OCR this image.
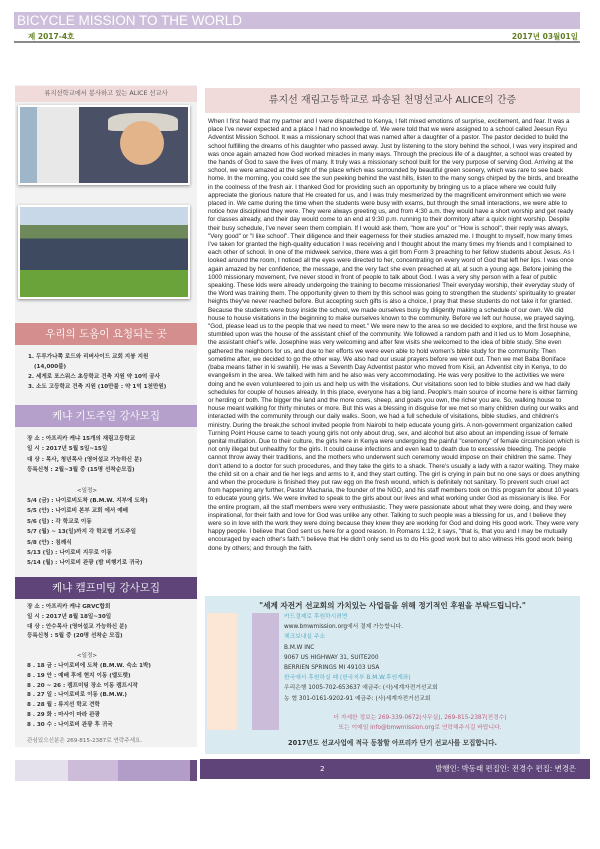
BICYCLE MISSION TO THE WORLD
제 2017-4호	2017년 03월01일
류지선학교에서 봉사하고 있는 ALICE 선교사
우리의 도움이 요청되는 곳
1. 두루가나쪽 로드와 리버사이드 교회 지붕 지원
(14,000불)
2. 세게로 포스워스 초등학교 건축 지원 약 10억 공사
3. 소도 고등학교 건축 지원 (10만불 : 약 1억 1천만원)
케냐 기도주일 강사모집
장 소 : 아프리카 케냐 15개의 재림고등학교
일 시 : 2017년 5월 5일~15일
대 상 : 목사, 청년목사 (영어설교 가능하신 분)
등록신청 : 2월~3월 중 (15명 선착순모집)
<일정>
5/4 (금) : 나이로비도착 (B.M.W. 지부에 도착)
5/5 (안) : 나이로비 본부 교회 에서 예배
5/6 (일) : 각 학교로 이동
5/7 (월) ~ 13(일)까지 각 학교별 기도주일
5/8 (안) : 침례식
5/13 (일) : 나이로비 지무로 이동
5/14 (월) : 나이로비 관광 (밤 비행기로 귀국)
케냐 캠프미팅 강사모집
장 소 : 아프리카 케냐 GRVC합회
일 시 : 2017년 8월 18일~30일
대 상 : 안수목사 (영어설교 가능하신 분)
등록신청 : 5월 중 (20명 선착순 모집)
<일정>
8 . 18 금 : 나이로비에 도착 (B.M.W. 숙소 1박)
8 . 19 안 : 예배 후에 현지 이동 (엘도렛)
8 . 20 ~ 26 : 캠프미팅 장소 이동 캠프시작
8 . 27 일 : 나이로비로 이동 (B.M.W.)
8 . 28 월 : 류지선 학교 견학
8 . 29 화 : 마사이 마라 관광
8 . 30 수 : 나이로비 관광 후 귀국
관심있으신분은 269-815-2387로 연락주세요.
류지선 재림고등학교로 파송된 천명선교사 ALICE의 간증
When I first heard that my partner and I were dispatched to Kenya, I felt mixed emotions of surprise, excitement, and fear. It was a place I've never expected and a place I had no knowledge of. We were told that we were assigned to a school called Jeesun Ryu Adventist Mission School. It was a missionary school that was named after a daughter of a pastor. The pastor decided to build the school fulfilling the dreams of his daughter who passed away. Just by listening to the story behind the school, I was very inspired and was once again amazed how God worked miracles in many ways. Through the precious life of a daughter, a school was created by the hands of God to save the lives of many. It truly was a missionary school built for the very purpose of serving God. Arriving at the school, we were amazed at the sight of the place which was surrounded by beautiful green scenery, which was rare to see back home. In the morning, you could see the sun peeking behind the vast hills, listen to the many songs chirped by the birds, and breathe in the coolness of the fresh air. I thanked God for providing such an opportunity by bringing us to a place where we could fully appreciate the glorious nature that He created for us, and I was truly mesmerized by the magnificent environment which we were placed in. We came during the time when the students were busy with exams, but through the small interactions, we were able to notice how disciplined they were. They were always greeting us, and from 4:30 a.m. they would have a short worship and get ready for classes already, and their day would come to an end at 9:30 p.m. running to their dormitory after a quick night worship. Despite their busy schedule, I've never seen them complain. If I would ask them, "how are you" or "How is school", their reply was always, "Very good" or "I like school". Their diligence and their eagerness for their studies amazed me. I thought to myself, how many times I've taken for granted the high-quality education I was receiving and I thought about the many times my friends and I complained to each other of school. In one of the midweek service, there was a girl from Form 3 preaching to her fellow students about Jesus. As I looked around the room, I noticed all the eyes were directed to her, concentrating on every word of God that left her lips. I was once again amazed by her confidence, the message, and the very fact she even preached at all, at such a young age. Before joining the 1000 missionary movement, I've never stood in front of people to talk about God. I was a very shy person with a fear of public speaking. These kids were already undergoing the training to become missionaries! Their everyday worship, their everyday study of the Word was training them. The opportunity given to them by this school was going to strengthen the students' spirituality to greater heights they've never reached before. But accepting such gifts is also a choice, I pray that these students do not take it for granted. Because the students were busy inside the school, we made ourselves busy by diligently making a schedule of our own. We did house to house visitations in the beginning to make ourselves known to the community. Before we left our house, we prayed saying, "God, please lead us to the people that we need to meet." We were new to the area so we decided to explore, and the first house we stumbled upon was the house of the assistant chief of the community. We followed a random path and it led us to Mom Josephine, the assistant chief's wife. Josephine was very welcoming and after few visits she welcomed to the idea of bible study. She even gathered the neighbors for us, and due to her efforts we were even able to hold women's bible study for the community. Then sometime after, we decided to go the other way. We also had our usual prayers before we went out. Then we met Baba Boniface (baba means father in ki swahili). He was a Seventh Day Adventist pastor who moved from Kisii, an Adventist city in Kenya, to do evangelism in the area. We talked with him and he also was very accommodating. He was very positive to the activities we were doing and he even volunteered to join us and help us with the visitations. Our visitations soon led to bible studies and we had daily schedules for couple of houses already. In this place, everyone has a big land. People's main source of income here is either farming or herding or both. The bigger the land and the more cows, sheep, and goats you own, the richer you are. So, walking house to house meant walking for thirty minutes or more. But this was a blessing in disguise for we met so many children during our walks and interacted with the community through our daily walks. Soon, we had a full schedule of visitations, bible studies, and children's ministry. During the break,the school invited people from Nairobi to help educate young girls. A non-government organization called Turning Point House came to teach young girls not only about drug, sex, and alcohol but also about an impending issue of female genital mutilation. Due to their culture, the girls here in Kenya were undergoing the painful "ceremony" of female circumcision which is not only illegal but unhealthy for the girls. It could cause infections and even lead to death due to excessive bleeding. The people cannot throw away their traditions, and the mothers who underwent such ceremony would impose on their children the same. They don't attend to a doctor for such procedures, and they take the girls to a shack. There's usually a lady with a razor waiting. They make the child sit on a chair and tie her legs and arms to it, and they start cutting. The girl is crying in pain but no one says or does anything and when the procedure is finished they put raw egg on the fresh wound, which is definitely not sanitary. To prevent such cruel act from happening any further, Pastor Macharia, the founder of the NGO, and his staff members took on this program for about 10 years to educate young girls. We were invited to speak to the girls about our lives and what working under God as missionary is like. For the entire program, all the staff members were very enthusiastic. They were passionate about what they were doing, and they were inspirational, for their faith and love for God was unlike any other. Talking to such people was a blessing for us, and I believe they were so in love with the work they were doing because they knew they are working for God and doing His good work. They were very happy people. I believe that God sent us here for a good reason. In Romans 1:12, it says, "that is, that you and I may be mutually encouraged by each other's faith."I believe that He didn't only send us to do His good work but to also witness His good work being done by others; and through the faith.
"세계 자전거 선교회의 가치있는 사업들을 위해 정기적인 후원을 부탁드립니다."
카드결제로 후원하시려면
www.bmwmission.org에서 결제 가능합니다.
체크보내실 주소
B.M.W INC
9067 US HIGHWAY 31, SUITE200
BERRIEN SPRINGS MI 49103 USA
한국에서 후원하실 때 (한국지부 B.M.W.후원계좌)
우리은행 1005-702-653637 예금주: (사)세계자전거선교회
농 협 301-0161-9202-91 예금주: (사)세계자전거선교회
더 자세한 정보는 269-339-0672(사무실), 269-815-2387(전경수)
또는 이메일 info@bmwmission.org로 연락해주시길 바랍니다.
2017년도 선교사업에 적극 동참할 아프리카 단기 선교사를 모집합니다.
2	발행인: 박동래 편집인: 전경수 편집: 변경은
